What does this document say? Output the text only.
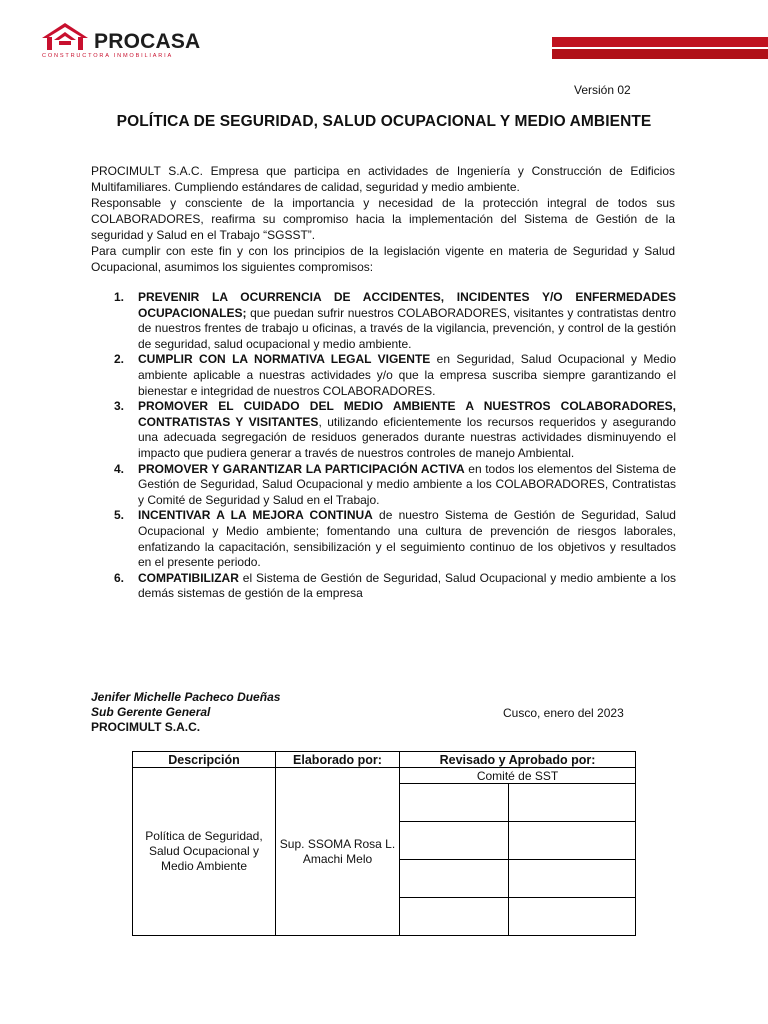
PROCASA
CONSTRUCTORA INMOBILIARIA
Versión 02
POLÍTICA DE SEGURIDAD, SALUD OCUPACIONAL Y MEDIO AMBIENTE

PROCIMULT S.A.C. Empresa que participa en actividades de Ingeniería y Construcción de Edificios Multifamiliares. Cumpliendo estándares de calidad, seguridad y medio ambiente.

Responsable y consciente de la importancia y necesidad de la protección integral de todos sus COLABORADORES, reafirma su compromiso hacia la implementación del Sistema de Gestión de la seguridad y Salud en el Trabajo “SGSST”.

Para cumplir con este fin y con los principios de la legislación vigente en materia de Seguridad y Salud Ocupacional, asumimos los siguientes compromisos:

1. PREVENIR LA OCURRENCIA DE ACCIDENTES, INCIDENTES Y/O ENFERMEDADES OCUPACIONALES; que puedan sufrir nuestros COLABORADORES, visitantes y contratistas dentro de nuestros frentes de trabajo u oficinas, a través de la vigilancia, prevención, y control de la gestión de seguridad, salud ocupacional y medio ambiente.
2. CUMPLIR CON LA NORMATIVA LEGAL VIGENTE en Seguridad, Salud Ocupacional y Medio ambiente aplicable a nuestras actividades y/o que la empresa suscriba siempre garantizando el bienestar e integridad de nuestros COLABORADORES.
3. PROMOVER EL CUIDADO DEL MEDIO AMBIENTE A NUESTROS COLABORADORES, CONTRATISTAS Y VISITANTES, utilizando eficientemente los recursos requeridos y asegurando una adecuada segregación de residuos generados durante nuestras actividades disminuyendo el impacto que pudiera generar a través de nuestros controles de manejo Ambiental.
4. PROMOVER Y GARANTIZAR LA PARTICIPACIÓN ACTIVA en todos los elementos del Sistema de Gestión de Seguridad, Salud Ocupacional y medio ambiente a los COLABORADORES, Contratistas y Comité de Seguridad y Salud en el Trabajo.
5. INCENTIVAR A LA MEJORA CONTINUA de nuestro Sistema de Gestión de Seguridad, Salud Ocupacional y Medio ambiente; fomentando una cultura de prevención de riesgos laborales, enfatizando la capacitación, sensibilización y el seguimiento continuo de los objetivos y resultados en el presente periodo.
6. COMPATIBILIZAR el Sistema de Gestión de Seguridad, Salud Ocupacional y medio ambiente a los demás sistemas de gestión de la empresa
Jenifer Michelle Pacheco Dueñas
Sub Gerente General
PROCIMULT S.A.C.
Cusco, enero del 2023
Descripción	Elaborado por:	Revisado y Aprobado por:	
Política de Seguridad, Salud Ocupacional y Medio Ambiente	Sup. SSOMA Rosa L. Amachi Melo	Comité de SST	
